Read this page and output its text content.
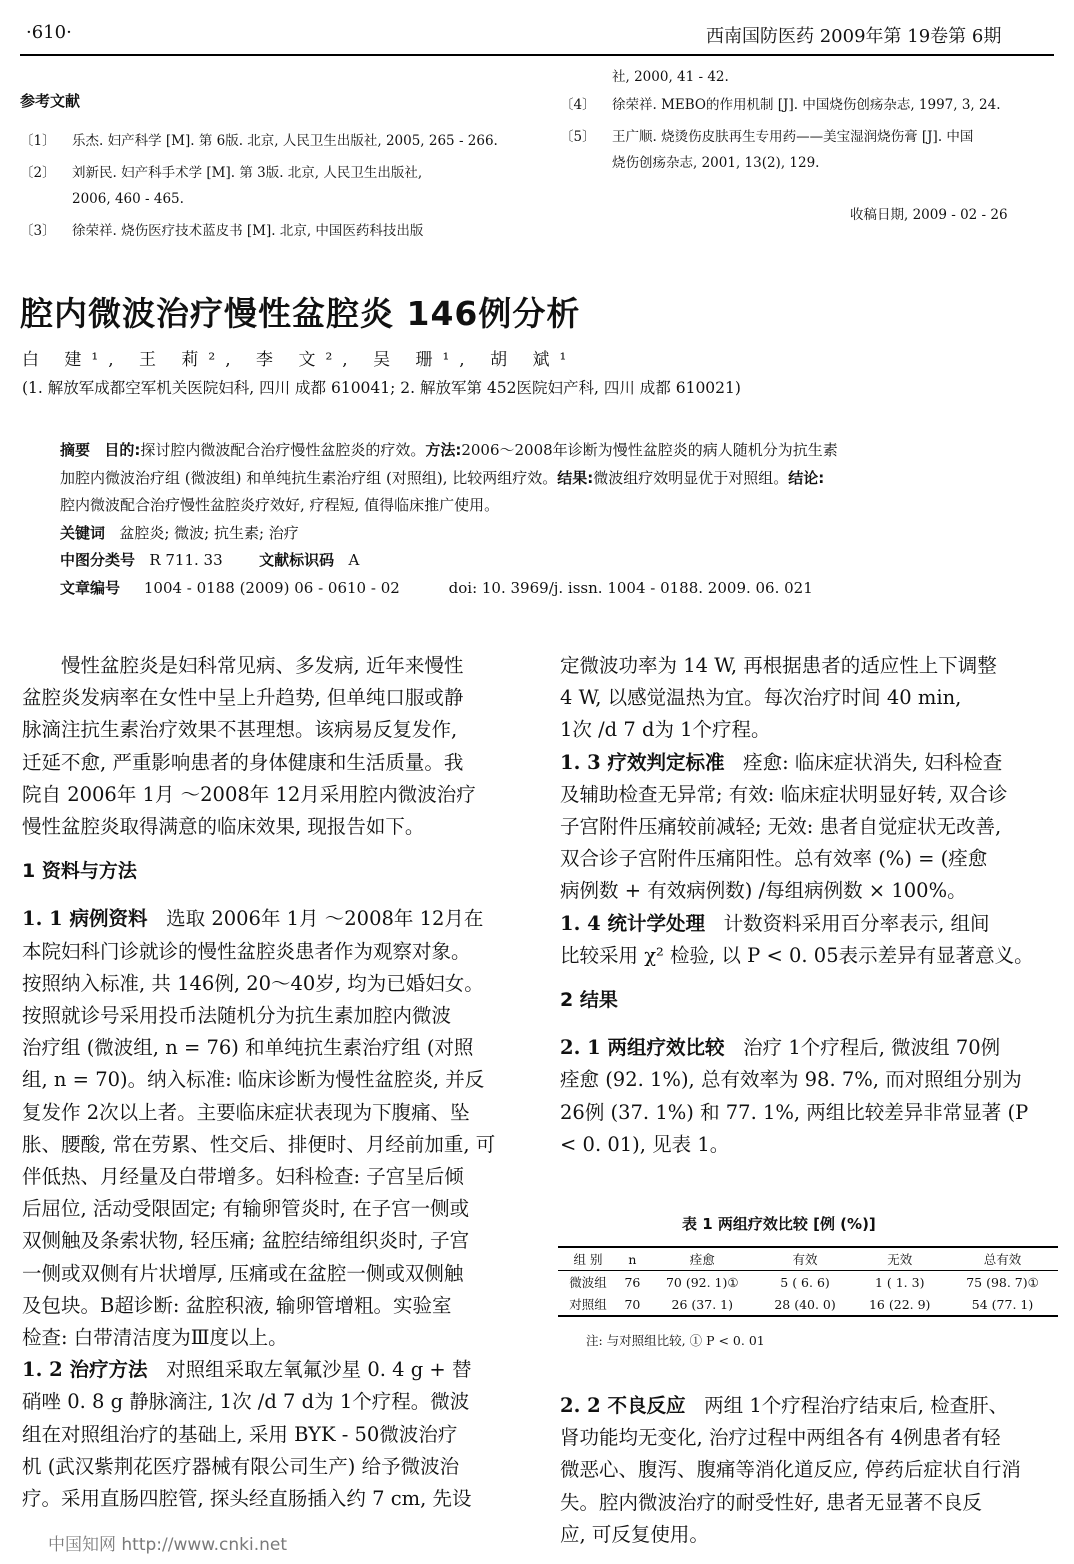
·610·	西南国防医药 2009年第 19卷第 6期
参考文献
〔1〕 乐杰. 妇产科学 [M]. 第 6版. 北京, 人民卫生出版社, 2005, 265 - 266.
〔2〕 刘新民. 妇产科手术学 [M]. 第 3版. 北京, 人民卫生出版社,
2006, 460 - 465.
〔3〕 徐荣祥. 烧伤医疗技术蓝皮书 [M]. 北京, 中国医药科技出版
社, 2000, 41 - 42.
〔4〕 徐荣祥. MEBO的作用机制 [J]. 中国烧伤创疡杂志, 1997, 3, 24.
〔5〕 王广顺. 烧烫伤皮肤再生专用药——美宝湿润烧伤膏 [J]. 中国
烧伤创疡杂志, 2001, 13(2), 129.
收稿日期, 2009 - 02 - 26
腔内微波治疗慢性盆腔炎 146例分析
白 建¹, 王 莉², 李 文², 吴 珊¹, 胡 斌¹
(1. 解放军成都空军机关医院妇科, 四川 成都 610041; 2. 解放军第 452医院妇产科, 四川 成都 610021)
摘要 目的:探讨腔内微波配合治疗慢性盆腔炎的疗效。方法:2006～2008年诊断为慢性盆腔炎的病人随机分为抗生素
加腔内微波治疗组 (微波组) 和单纯抗生素治疗组 (对照组), 比较两组疗效。结果:微波组疗效明显优于对照组。结论:
腔内微波配合治疗慢性盆腔炎疗效好, 疗程短, 值得临床推广使用。
关键词 盆腔炎; 微波; 抗生素; 治疗
中图分类号 R 711. 33 文献标识码 A
文章编号 1004 - 0188 (2009) 06 - 0610 - 02	doi: 10. 3969/j. issn. 1004 - 0188. 2009. 06. 021
慢性盆腔炎是妇科常见病、多发病, 近年来慢性
盆腔炎发病率在女性中呈上升趋势, 但单纯口服或静
脉滴注抗生素治疗效果不甚理想。该病易反复发作,
迁延不愈, 严重影响患者的身体健康和生活质量。我
院自 2006年 1月 ～2008年 12月采用腔内微波治疗
慢性盆腔炎取得满意的临床效果, 现报告如下。
1 资料与方法
1. 1 病例资料 选取 2006年 1月 ～2008年 12月在
本院妇科门诊就诊的慢性盆腔炎患者作为观察对象。
按照纳入标准, 共 146例, 20～40岁, 均为已婚妇女。
按照就诊号采用投币法随机分为抗生素加腔内微波
治疗组 (微波组, n = 76) 和单纯抗生素治疗组 (对照
组, n = 70)。纳入标准: 临床诊断为慢性盆腔炎, 并反
复发作 2次以上者。主要临床症状表现为下腹痛、坠
胀、腰酸, 常在劳累、性交后、排便时、月经前加重, 可
伴低热、月经量及白带增多。妇科检查: 子宫呈后倾
后屈位, 活动受限固定; 有输卵管炎时, 在子宫一侧或
双侧触及条索状物, 轻压痛; 盆腔结缔组织炎时, 子宫
一侧或双侧有片状增厚, 压痛或在盆腔一侧或双侧触
及包块。B超诊断: 盆腔积液, 输卵管增粗。实验室
检查: 白带清洁度为Ⅲ度以上。
1. 2 治疗方法 对照组采取左氧氟沙星 0. 4 g + 替
硝唑 0. 8 g 静脉滴注, 1次 /d 7 d为 1个疗程。微波
组在对照组治疗的基础上, 采用 BYK - 50微波治疗
机 (武汉紫荆花医疗器械有限公司生产) 给予微波治
疗。采用直肠四腔管, 探头经直肠插入约 7 cm, 先设
定微波功率为 14 W, 再根据患者的适应性上下调整
4 W, 以感觉温热为宜。每次治疗时间 40 min,
1次 /d 7 d为 1个疗程。
1. 3 疗效判定标准 痊愈: 临床症状消失, 妇科检查
及辅助检查无异常; 有效: 临床症状明显好转, 双合诊
子宫附件压痛较前减轻; 无效: 患者自觉症状无改善,
双合诊子宫附件压痛阳性。总有效率 (%) = (痊愈
病例数 + 有效病例数) /每组病例数 × 100%。
1. 4 统计学处理 计数资料采用百分率表示, 组间
比较采用 χ² 检验, 以 P < 0. 05表示差异有显著意义。
2 结果
2. 1 两组疗效比较 治疗 1个疗程后, 微波组 70例
痊愈 (92. 1%), 总有效率为 98. 7%, 而对照组分别为
26例 (37. 1%) 和 77. 1%, 两组比较差异非常显著 (P
< 0. 01), 见表 1。
表 1 两组疗效比较 [例 (%)]
组 别	n	痊愈	有效	无效	总有效
微波组	76	70 (92. 1)①	5 ( 6. 6)	1 ( 1. 3)	75 (98. 7)①
对照组	70	26 (37. 1)	28 (40. 0)	16 (22. 9)	54 (77. 1)
注: 与对照组比较, ① P < 0. 01
2. 2 不良反应 两组 1个疗程治疗结束后, 检查肝、
肾功能均无变化, 治疗过程中两组各有 4例患者有轻
微恶心、腹泻、腹痛等消化道反应, 停药后症状自行消
失。腔内微波治疗的耐受性好, 患者无显著不良反
应, 可反复使用。
中国知网 http://www.cnki.net
